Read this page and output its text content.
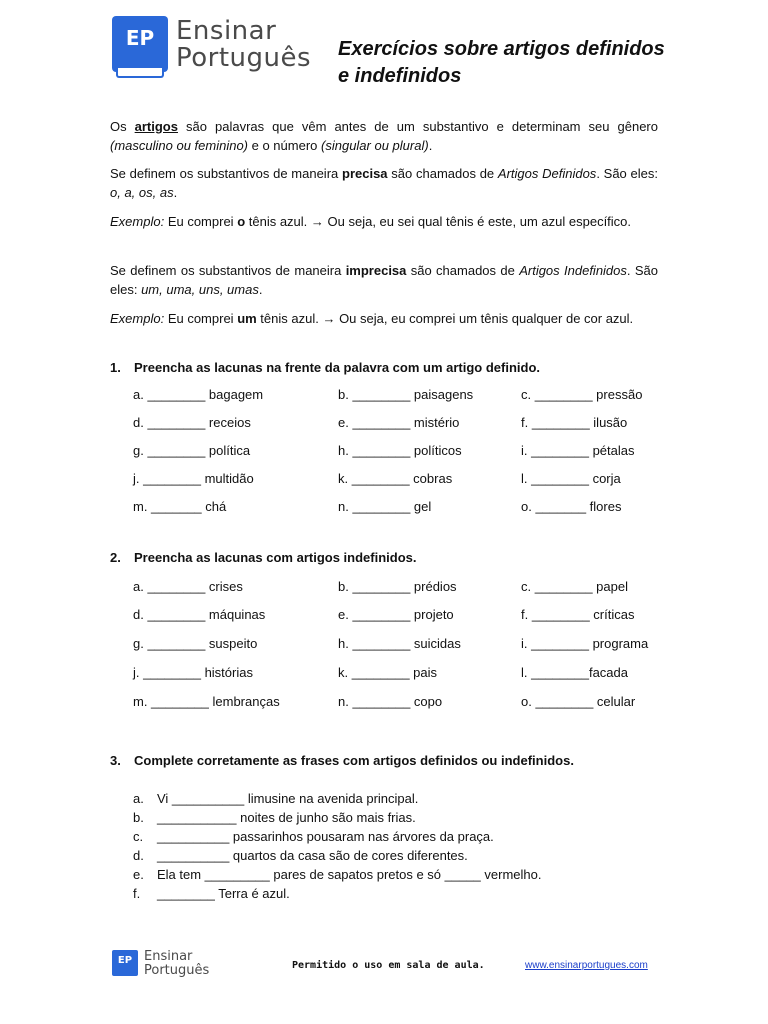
EP Ensinar
Português Exercícios sobre artigos definidos
e indefinidos

Os artigos são palavras que vêm antes de um substantivo e determinam seu gênero (masculino ou feminino) e o número (singular ou plural).

Se definem os substantivos de maneira precisa são chamados de Artigos Definidos. São eles: o, a, os, as.

Exemplo: Eu comprei o tênis azul. → Ou seja, eu sei qual tênis é este, um azul específico.

Se definem os substantivos de maneira imprecisa são chamados de Artigos Indefinidos. São eles: um, uma, uns, umas.

Exemplo: Eu comprei um tênis azul. → Ou seja, eu comprei um tênis qualquer de cor azul.

1. Preencha as lacunas na frente da palavra com um artigo definido.
a. ________ bagagem	b. ________ paisagens	c. ________ pressão
d. ________ receios	e. ________ mistério	f. ________ ilusão
g. ________ política	h. ________ políticos	i. ________ pétalas
j. ________ multidão	k. ________ cobras	l. ________ corja
m. _______ chá	n. ________ gel	o. _______ flores
2. Preencha as lacunas com artigos indefinidos.
a. ________ crises	b. ________ prédios	c. ________ papel
d. ________ máquinas	e. ________ projeto	f. ________ críticas
g. ________ suspeito	h. ________ suicidas	i. ________ programa
j. ________ histórias	k. ________ pais	l. ________facada
m. ________ lembranças	n. ________ copo	o. ________ celular
3. Complete corretamente as frases com artigos definidos ou indefinidos.
a. Vi __________ limusine na avenida principal.
b. ___________ noites de junho são mais frias.
c. __________ passarinhos pousaram nas árvores da praça.
d. __________ quartos da casa são de cores diferentes.
e. Ela tem _________ pares de sapatos pretos e só _____ vermelho.
f. ________ Terra é azul.
EP Ensinar
Português	Permitido o uso em sala de aula.	www.ensinarportugues.com
